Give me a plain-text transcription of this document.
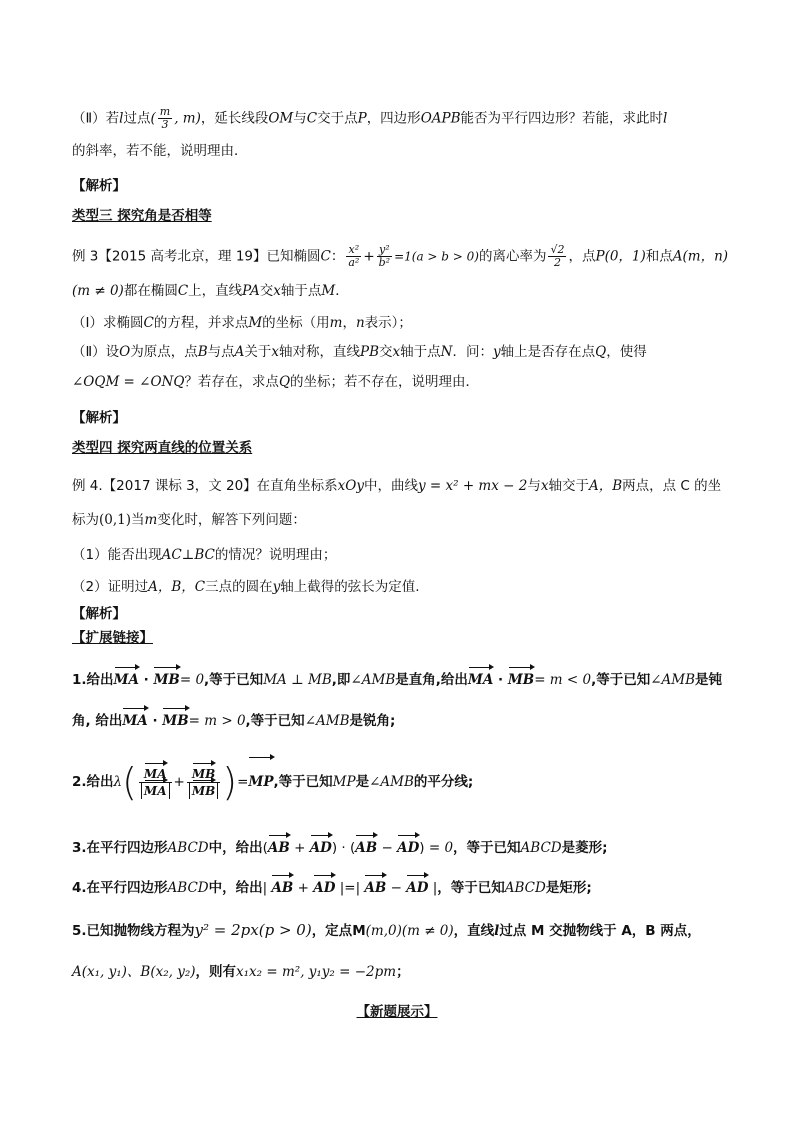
（Ⅱ）若l过点( $\frac{m}{3}$ , m)，延长线段OM与C交于点P，四边形OAPB能否为平行四边形？若能，求此时l
的斜率，若不能，说明理由．
【解析】
类型三 探究角是否相等
例 3【2015 高考北京，理 19】已知椭圆C： $\frac{\text{x²}}{\text{a²}} + \frac{\text{y²}}{\text{b²}} =1(a > b > 0)$的离心率为 $\frac{√2}{2}$ ，点P(0，1)和点A(m，n)
(m ≠ 0)都在椭圆C上，直线PA交x轴于点M．
（Ⅰ）求椭圆C的方程，并求点M的坐标（用m，n表示）；
（Ⅱ）设O为原点，点B与点A关于x轴对称，直线PB交x轴于点N．问：y轴上是否存在点Q，使得
∠OQM = ∠ONQ？若存在，求点Q的坐标；若不存在，说明理由．
【解析】
类型四 探究两直线的位置关系
例 4.【2017 课标 3，文 20】在直角坐标系xOy中，曲线y = x² + mx − 2与x轴交于A，B两点，点 C 的坐
标为(0,1)当m变化时，解答下列问题：
（1）能否出现AC⊥BC的情况？说明理由；
（2）证明过A，B，C三点的圆在y轴上截得的弦长为定值.
【解析】
【扩展链接】
1.给出MA · MB= 0,等于已知MA ⊥ MB,即∠AMB是直角,给出MA · MB= m < 0,等于已知∠AMB是钝
角, 给出MA · MB= m > 0,等于已知∠AMB是锐角;
2.给出$\lambda( \frac{MA}{MA} + \frac{MB}{MB} )=MP$,等于已知MP是∠AMB的平分线;
3.在平行四边形ABCD中，给出(AB + AD) · (AB − AD) = 0，等于已知ABCD是菱形;
4.在平行四边形ABCD中，给出| AB + AD |=| AB − AD |，等于已知ABCD是矩形;
5.已知抛物线方程为y² = 2px(p > 0)，定点M(m,0)(m ≠ 0)，直线l过点 M 交抛物线于 A，B 两点，
A(x₁, y₁)、B(x₂, y₂)，则有x₁x₂ = m², y₁y₂ = −2pm；
【新题展示】
